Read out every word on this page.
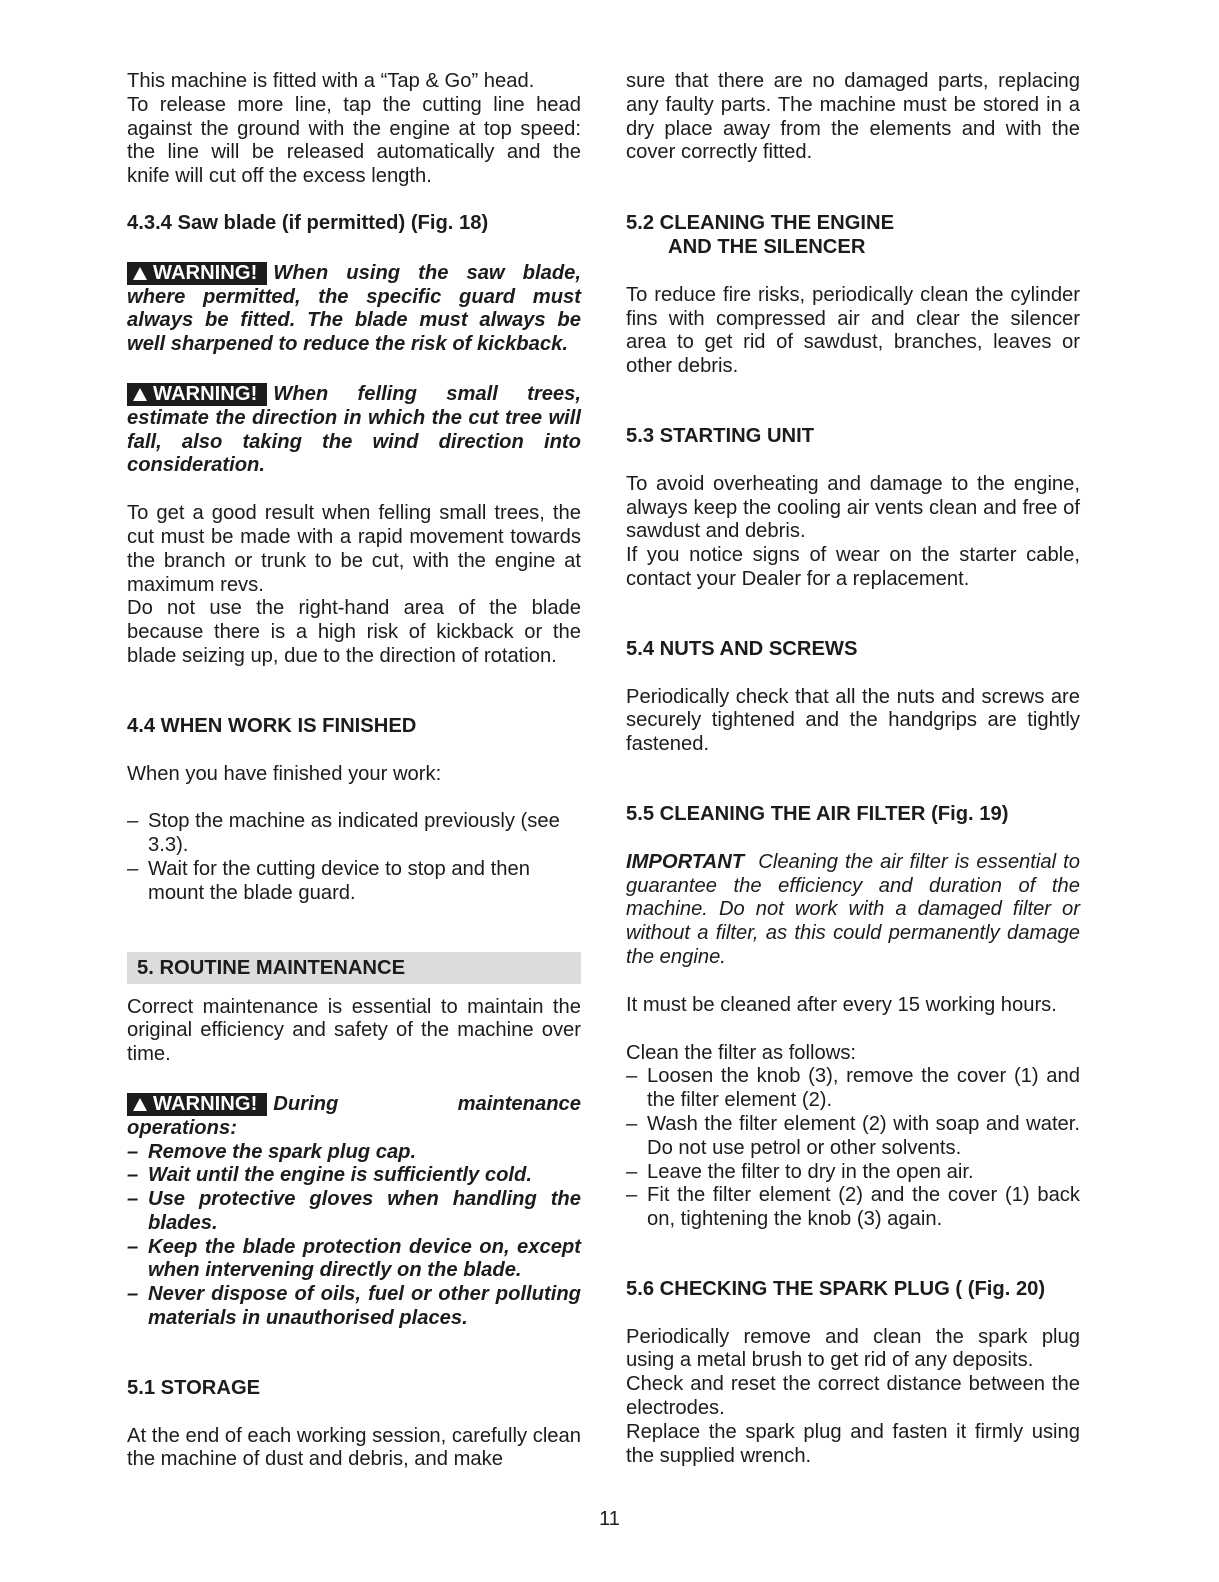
This machine is fitted with a “Tap & Go” head.

To release more line, tap the cutting line head against the ground with the engine at top speed: the line will be released automatically and the knife will cut off the excess length.

4.3.4 Saw blade (if permitted) (Fig. 18)

WARNING! When using the saw blade, where permitted, the specific guard must always be fitted. The blade must always be well sharpened to reduce the risk of kickback.

WARNING! When felling small trees, estimate the direction in which the cut tree will fall, also taking the wind direction into consideration.

To get a good result when felling small trees, the cut must be made with a rapid movement towards the branch or trunk to be cut, with the engine at maximum revs.

Do not use the right-hand area of the blade because there is a high risk of kickback or the blade seizing up, due to the direction of rotation.

4.4 WHEN WORK IS FINISHED

When you have finished your work:

– Stop the machine as indicated previously (see 3.3).

– Wait for the cutting device to stop and then mount the blade guard.

5. ROUTINE MAINTENANCE

Correct maintenance is essential to maintain the original efficiency and safety of the machine over time.

WARNING! During maintenance operations:

– Remove the spark plug cap.

– Wait until the engine is sufficiently cold.

– Use protective gloves when handling the blades.

– Keep the blade protection device on, except when intervening directly on the blade.

– Never dispose of oils, fuel or other polluting materials in unauthorised places.

5.1 STORAGE

At the end of each working session, carefully clean the machine of dust and debris, and make

sure that there are no damaged parts, replacing any faulty parts. The machine must be stored in a dry place away from the elements and with the cover correctly fitted.

5.2 CLEANING THE ENGINE

AND THE SILENCER

To reduce fire risks, periodically clean the cylinder fins with compressed air and clear the silencer area to get rid of sawdust, branches, leaves or other debris.

5.3 STARTING UNIT

To avoid overheating and damage to the engine, always keep the cooling air vents clean and free of sawdust and debris.

If you notice signs of wear on the starter cable, contact your Dealer for a replacement.

5.4 NUTS AND SCREWS

Periodically check that all the nuts and screws are securely tightened and the handgrips are tightly fastened.

5.5 CLEANING THE AIR FILTER (Fig. 19)

IMPORTANT Cleaning the air filter is essential to guarantee the efficiency and duration of the machine. Do not work with a damaged filter or without a filter, as this could permanently damage the engine.

It must be cleaned after every 15 working hours.

Clean the filter as follows:

– Loosen the knob (3), remove the cover (1) and the filter element (2).

– Wash the filter element (2) with soap and water. Do not use petrol or other solvents.

– Leave the filter to dry in the open air.

– Fit the filter element (2) and the cover (1) back on, tightening the knob (3) again.

5.6 CHECKING THE SPARK PLUG ( (Fig. 20)

Periodically remove and clean the spark plug using a metal brush to get rid of any deposits.

Check and reset the correct distance between the electrodes.

Replace the spark plug and fasten it firmly using the supplied wrench.

11
